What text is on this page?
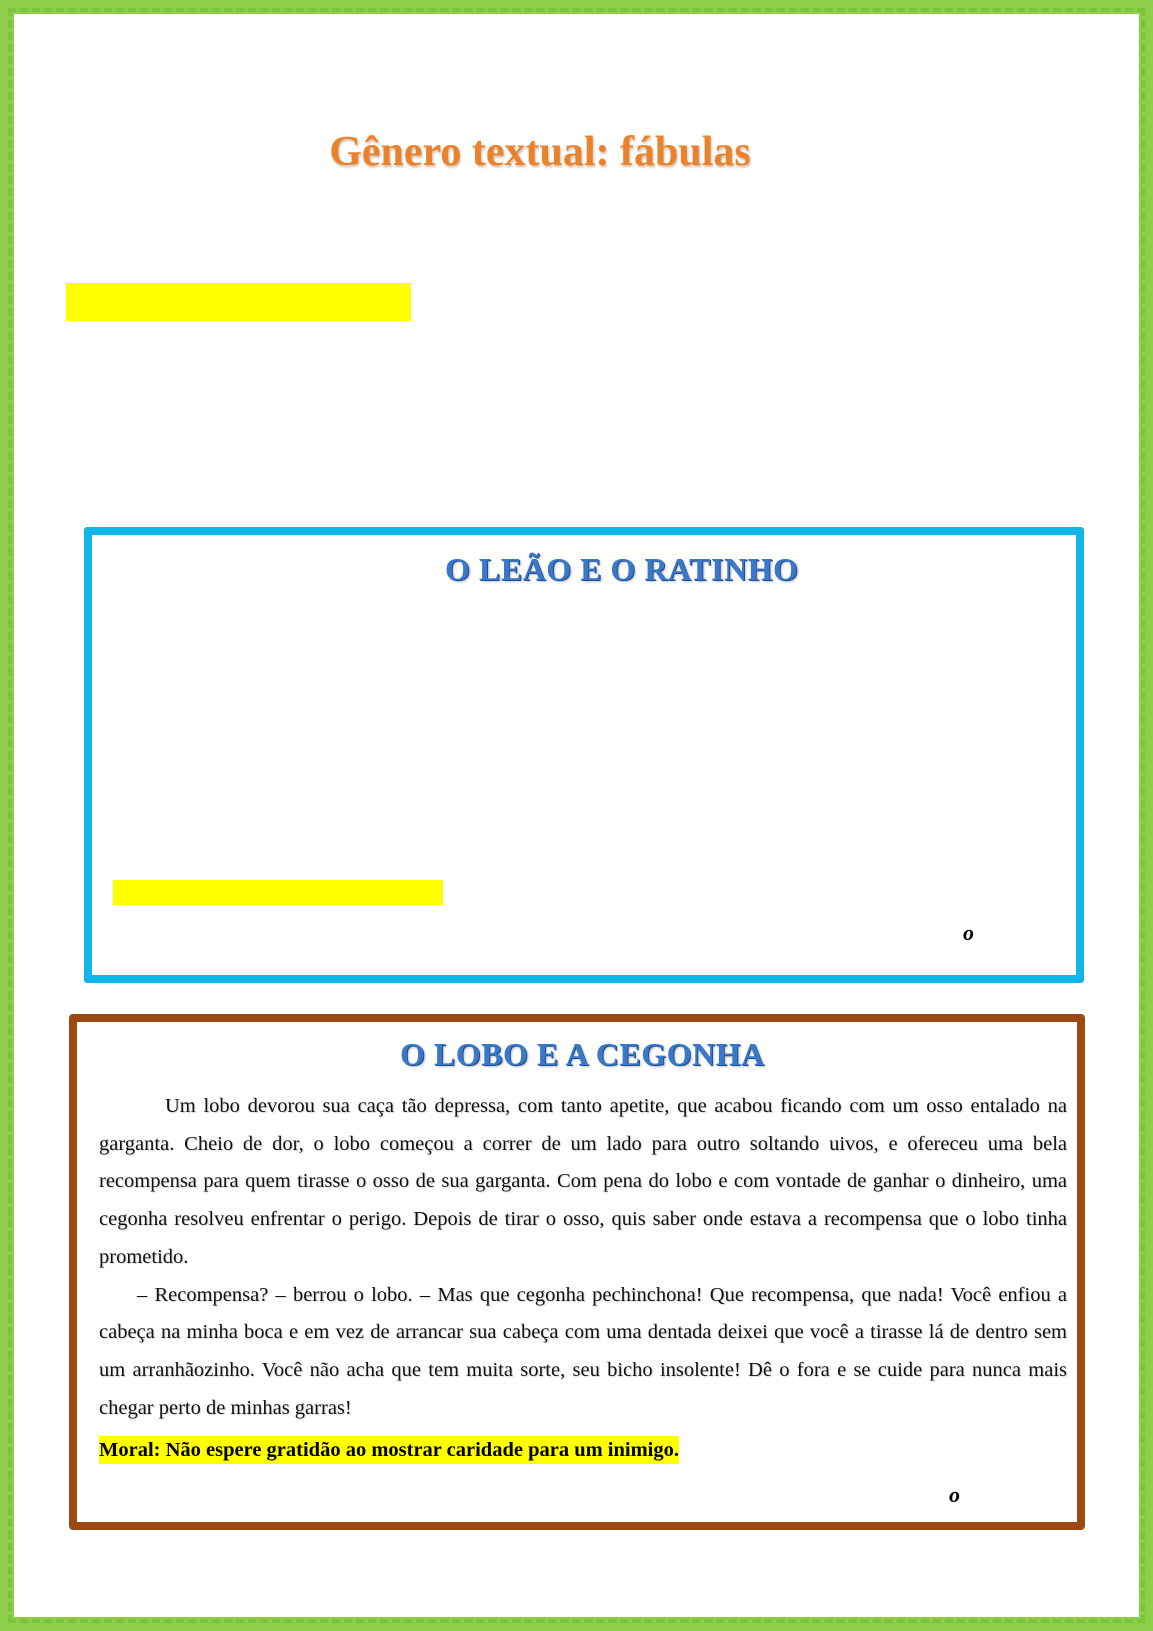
Gênero textual: fábulas
O LEÃO E O RATINHO
o
O LOBO E A CEGONHA

Um lobo devorou sua caça tão depressa, com tanto apetite, que acabou ficando com um osso entalado na garganta. Cheio de dor, o lobo começou a correr de um lado para outro soltando uivos, e ofereceu uma bela recompensa para quem tirasse o osso de sua garganta. Com pena do lobo e com vontade de ganhar o dinheiro, uma cegonha resolveu enfrentar o perigo. Depois de tirar o osso, quis saber onde estava a recompensa que o lobo tinha prometido.

– Recompensa? – berrou o lobo. – Mas que cegonha pechinchona! Que recompensa, que nada! Você enfiou a cabeça na minha boca e em vez de arrancar sua cabeça com uma dentada deixei que você a tirasse lá de dentro sem um arranhãozinho. Você não acha que tem muita sorte, seu bicho insolente! Dê o fora e se cuide para nunca mais chegar perto de minhas garras!

Moral: Não espere gratidão ao mostrar caridade para um inimigo.

o
